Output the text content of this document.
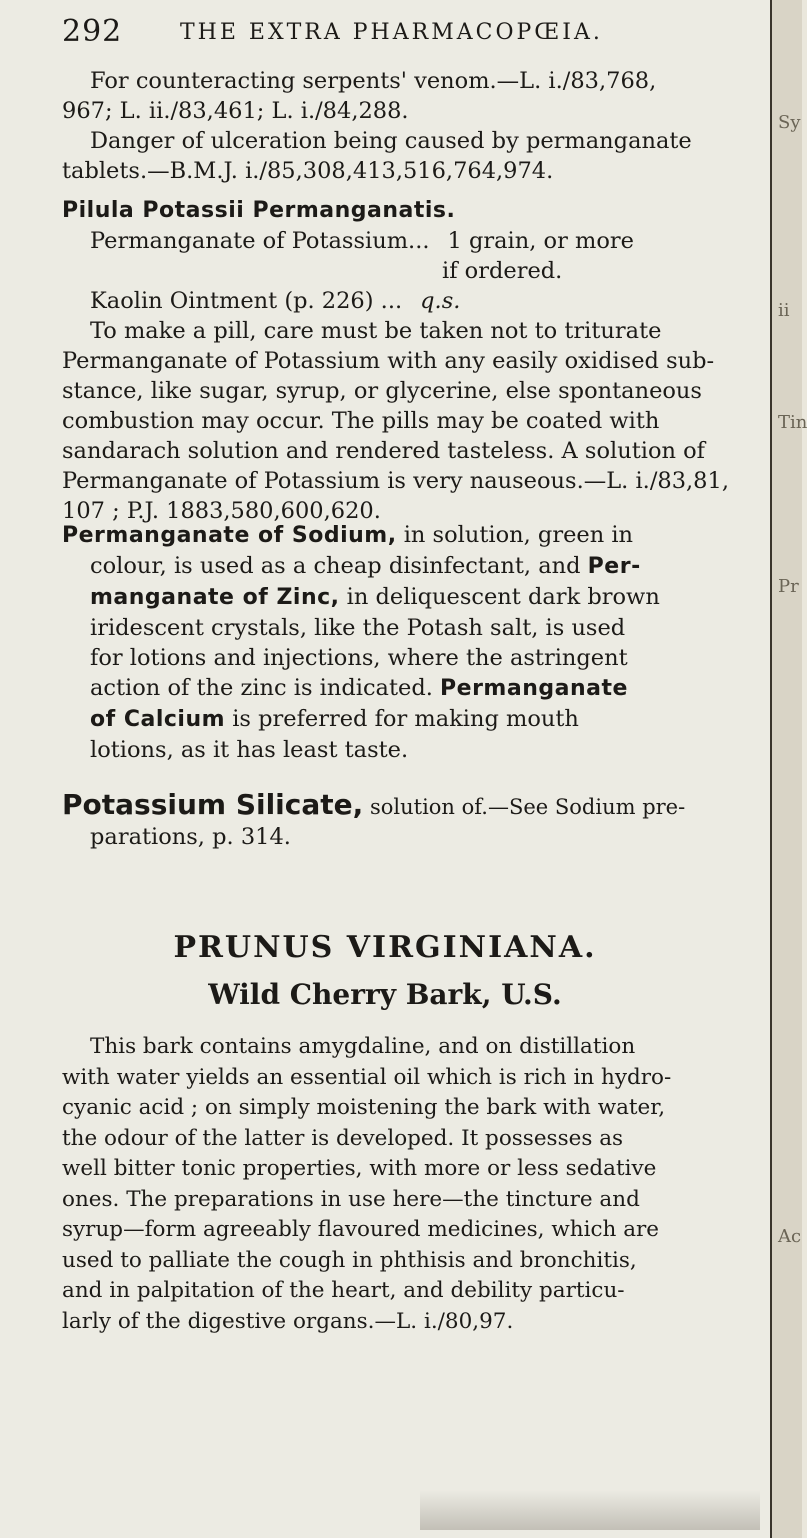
292	THE EXTRA PHARMACOPŒIA.

For counteracting serpents' venom.—L. i./83,768,

967; L. ii./83,461; L. i./84,288.

Danger of ulceration being caused by permanganate

tablets.—B.M.J. i./85,308,413,516,764,974.

Pilula Potassii Permanganatis.

Permanganate of Potassium... 1 grain, or more

if ordered.

Kaolin Ointment (p. 226) ... q.s.

To make a pill, care must be taken not to triturate

Permanganate of Potassium with any easily oxidised sub-

stance, like sugar, syrup, or glycerine, else spontaneous

combustion may occur. The pills may be coated with

sandarach solution and rendered tasteless. A solution of

Permanganate of Potassium is very nauseous.—L. i./83,81,

107 ; P.J. 1883,580,600,620.

Permanganate of Sodium, in solution, green in

colour, is used as a cheap disinfectant, and Per-

manganate of Zinc, in deliquescent dark brown

iridescent crystals, like the Potash salt, is used

for lotions and injections, where the astringent

action of the zinc is indicated. Permanganate

of Calcium is preferred for making mouth

lotions, as it has least taste.

Potassium Silicate, solution of.—See Sodium pre-

parations, p. 314.

PRUNUS VIRGINIANA.
Wild Cherry Bark, U.S.

This bark contains amygdaline, and on distillation

with water yields an essential oil which is rich in hydro-

cyanic acid ; on simply moistening the bark with water,

the odour of the latter is developed. It possesses as

well bitter tonic properties, with more or less sedative

ones. The preparations in use here—the tincture and

syrup—form agreeably flavoured medicines, which are

used to palliate the cough in phthisis and bronchitis,

and in palpitation of the heart, and debility particu-

larly of the digestive organs.—L. i./80,97.

Sy
ii
Tin
Pr
Ac
